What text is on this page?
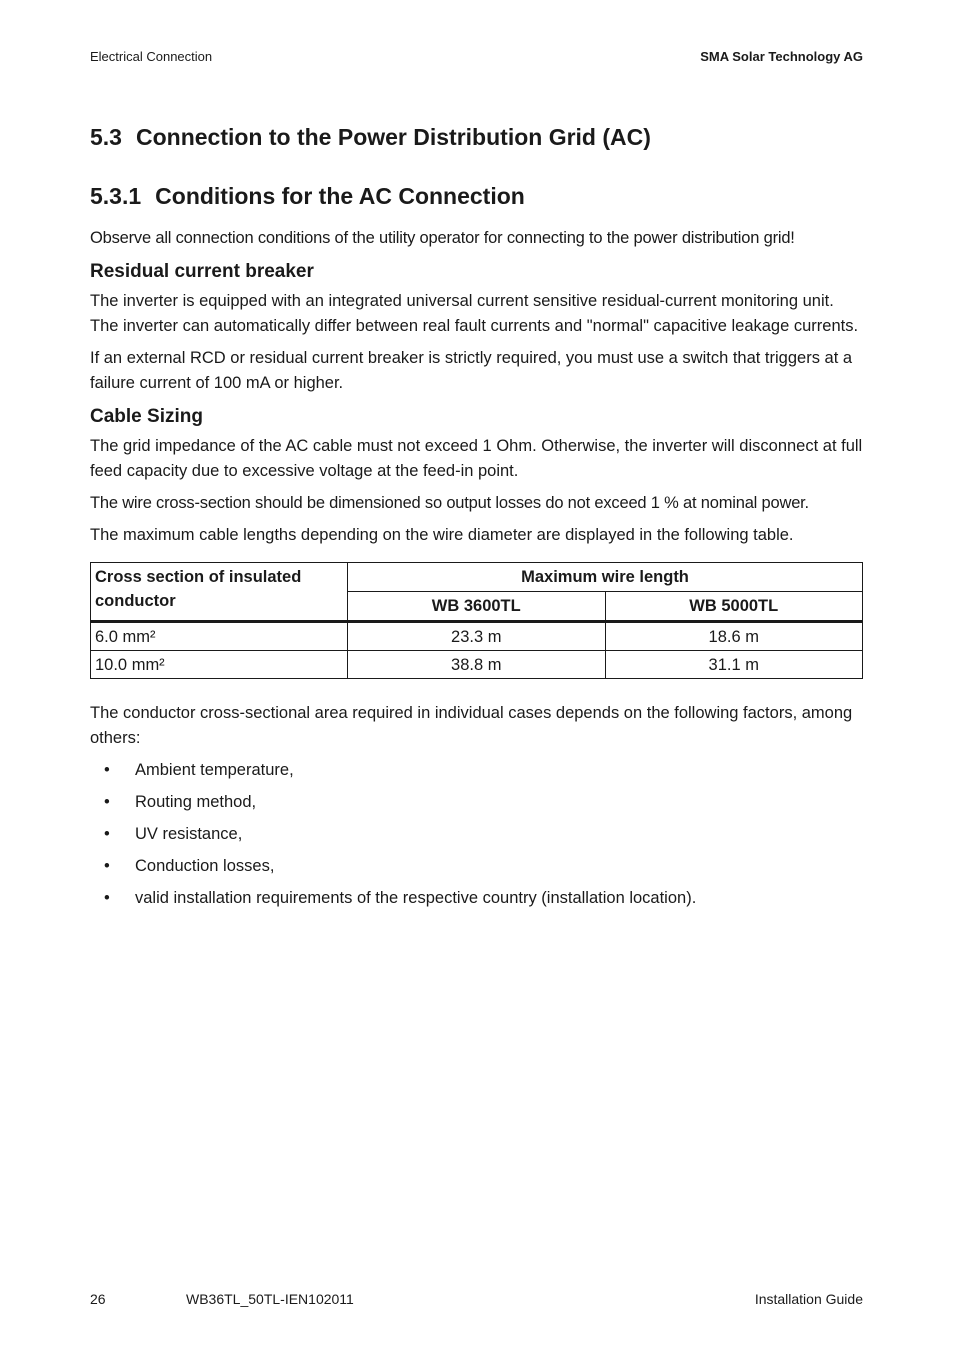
Electrical Connection	SMA Solar Technology AG
5.3 Connection to the Power Distribution Grid (AC)
5.3.1 Conditions for the AC Connection

Observe all connection conditions of the utility operator for connecting to the power distribution grid!

Residual current breaker

The inverter is equipped with an integrated universal current sensitive residual-current monitoring unit. The inverter can automatically differ between real fault currents and "normal" capacitive leakage currents.

If an external RCD or residual current breaker is strictly required, you must use a switch that triggers at a failure current of 100 mA or higher.

Cable Sizing

The grid impedance of the AC cable must not exceed 1 Ohm. Otherwise, the inverter will disconnect at full feed capacity due to excessive voltage at the feed-in point.

The wire cross-section should be dimensioned so output losses do not exceed 1 % at nominal power.

The maximum cable lengths depending on the wire diameter are displayed in the following table.

Cross section of insulated conductor	Maximum wire length	
	WB 3600TL	WB 5000TL
6.0 mm²	23.3 m	18.6 m
10.0 mm²	38.8 m	31.1 m

The conductor cross-sectional area required in individual cases depends on the following factors, among others:

• Ambient temperature,
• Routing method,
• UV resistance,
• Conduction losses,
• valid installation requirements of the respective country (installation location).
26	WB36TL_50TL-IEN102011	Installation Guide
